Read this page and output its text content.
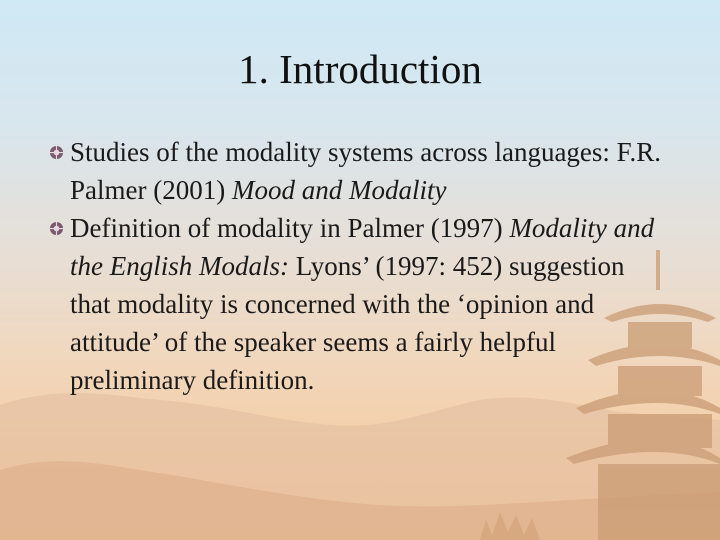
1. Introduction
Studies of the modality systems across languages: F.R. Palmer (2001) Mood and Modality
Definition of modality in Palmer (1997) Modality and the English Modals: Lyons’ (1997: 452) suggestion that modality is concerned with the ‘opinion and attitude’ of the speaker seems a fairly helpful preliminary definition.
